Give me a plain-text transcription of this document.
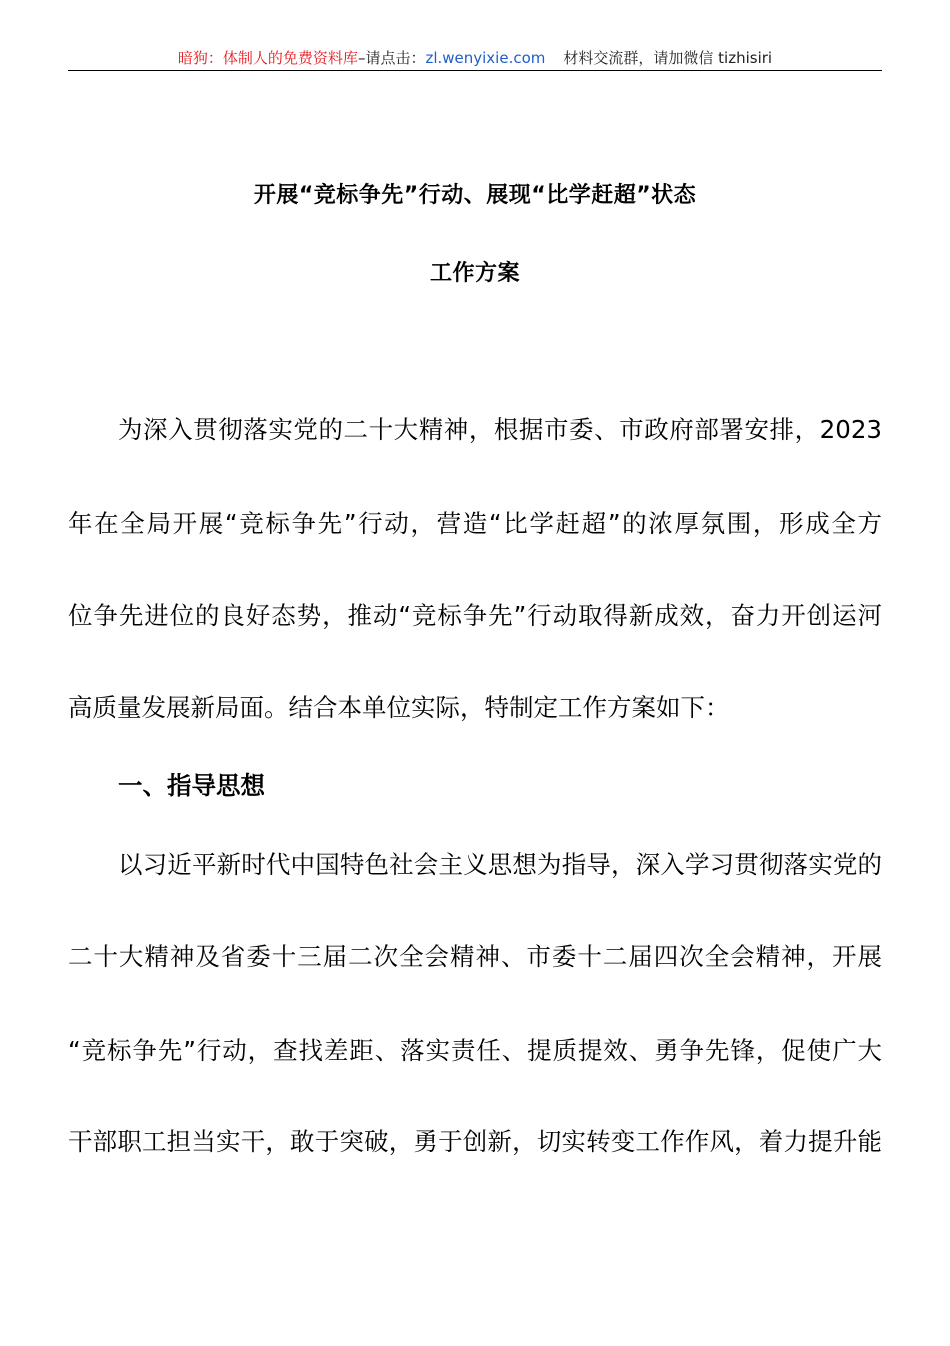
暗狗：体制人的免费资料库–请点击：zl.wenyixie.com 材料交流群，请加微信 tizhisiri
开展“竞标争先”行动、展现“比学赶超”状态
工作方案
为深入贯彻落实党的二十大精神，根据市委、市政府部署安排，2023
年在全局开展“竞标争先”行动，营造“比学赶超”的浓厚氛围，形成全方
位争先进位的良好态势，推动“竞标争先”行动取得新成效，奋力开创运河
高质量发展新局面。结合本单位实际，特制定工作方案如下：
一、指导思想
以习近平新时代中国特色社会主义思想为指导，深入学习贯彻落实党的
二十大精神及省委十三届二次全会精神、市委十二届四次全会精神，开展
“竞标争先”行动，查找差距、落实责任、提质提效、勇争先锋，促使广大
干部职工担当实干，敢于突破，勇于创新，切实转变工作作风，着力提升能
